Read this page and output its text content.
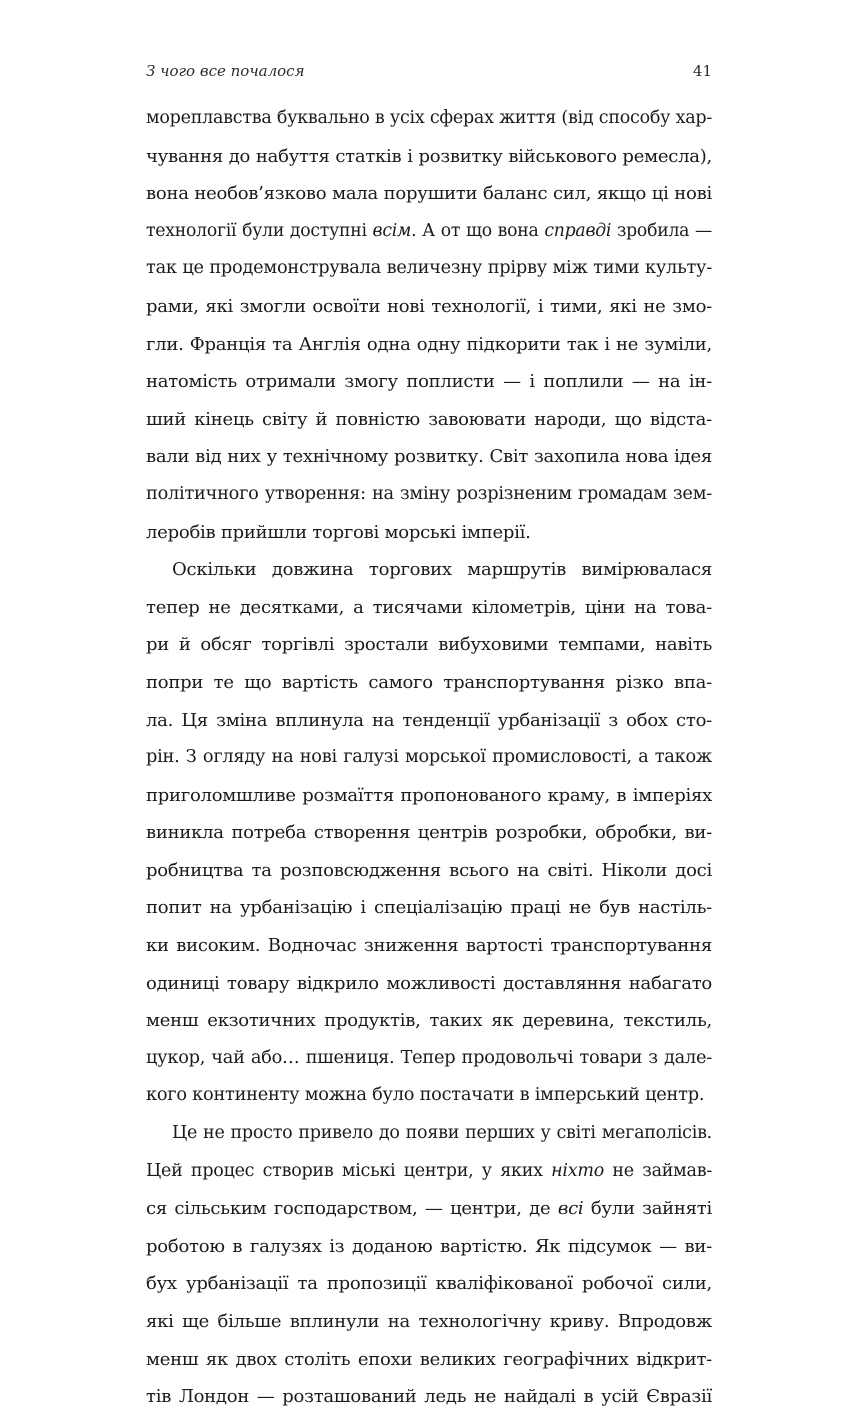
З чого все почалося	41
мореплавства буквально в усіх сферах життя (від способу хар-
чування до набуття статків і розвитку військового ремесла),
вона необов’язково мала порушити баланс сил, якщо ці нові
технології були доступні всім. А от що вона справді зробила —
так це продемонструвала величезну прірву між тими культу-
рами, які змогли освоїти нові технології, і тими, які не змо-
гли. Франція та Англія одна одну підкорити так і не зуміли,
натомість отримали змогу поплисти — і поплили — на ін-
ший кінець світу й повністю завоювати народи, що відста-
вали від них у технічному розвитку. Світ захопила нова ідея
політичного утворення: на зміну розрізненим громадам зем-
леробів прийшли торгові морські імперії.
Оскільки довжина торгових маршрутів вимірювалася
тепер не десятками, а тисячами кілометрів, ціни на това-
ри й обсяг торгівлі зростали вибуховими темпами, навіть
попри те що вартість самого транспортування різко впа-
ла. Ця зміна вплинула на тенденції урбанізації з обох сто-
рін. З огляду на нові галузі морської промисловості, а також
приголомшливе розмаїття пропонованого краму, в імперіях
виникла потреба створення центрів розробки, обробки, ви-
робництва та розповсюдження всього на світі. Ніколи досі
попит на урбанізацію і спеціалізацію праці не був настіль-
ки високим. Водночас зниження вартості транспортування
одиниці товару відкрило можливості доставляння набагато
менш екзотичних продуктів, таких як деревина, текстиль,
цукор, чай або… пшениця. Тепер продовольчі товари з дале-
кого континенту можна було постачати в імперський центр.
Це не просто привело до появи перших у світі мегаполісів.
Цей процес створив міські центри, у яких ніхто не займав-
ся сільським господарством, — центри, де всі були зайняті
роботою в галузях із доданою вартістю. Як підсумок — ви-
бух урбанізації та пропозиції кваліфікованої робочої сили,
які ще більше вплинули на технологічну криву. Впродовж
менш як двох століть епохи великих географічних відкрит-
тів Лондон — розташований ледь не найдалі в усій Євразії
